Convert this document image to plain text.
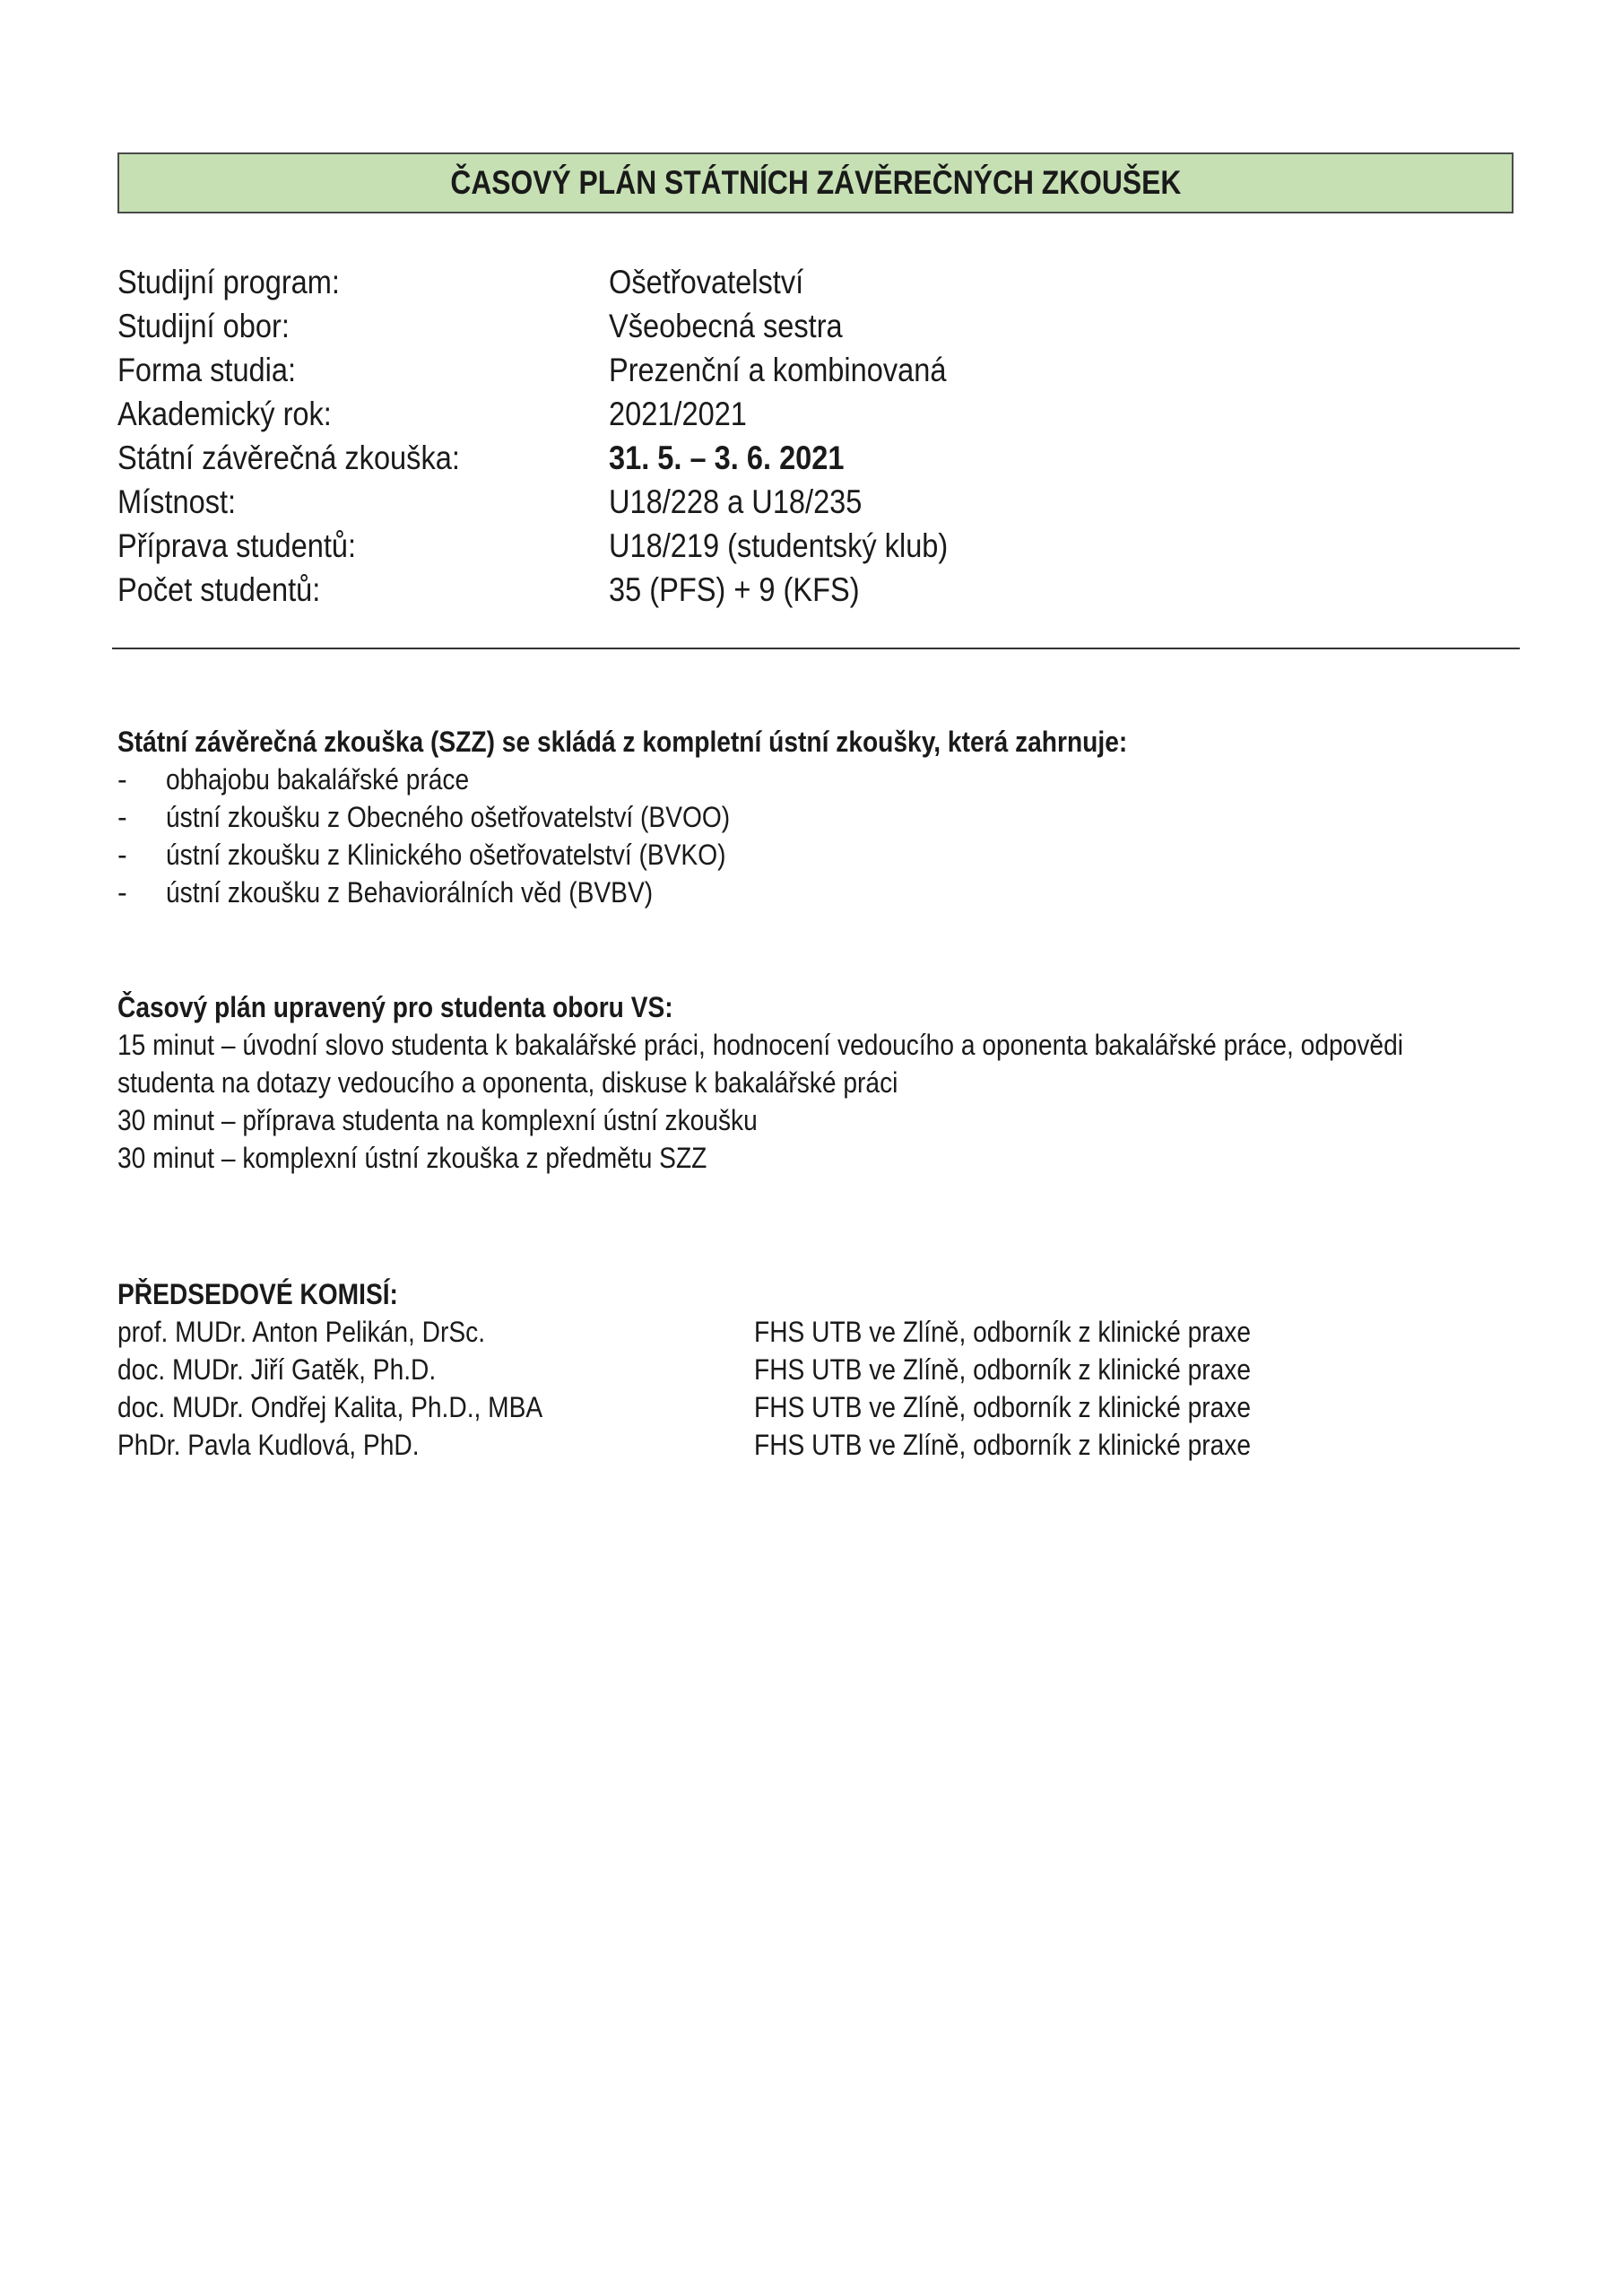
ČASOVÝ PLÁN STÁTNÍCH ZÁVĚREČNÝCH ZKOUŠEK
Studijní program:	Ošetřovatelství
Studijní obor:	Všeobecná sestra
Forma studia:	Prezenční a kombinovaná
Akademický rok:	2021/2021
Státní závěrečná zkouška:	31. 5. – 3. 6. 2021
Místnost:	U18/228 a U18/235
Příprava studentů:	U18/219 (studentský klub)
Počet studentů:	35 (PFS) + 9 (KFS)
Státní závěrečná zkouška (SZZ) se skládá z kompletní ústní zkoušky, která zahrnuje:
- obhajobu bakalářské práce
- ústní zkoušku z Obecného ošetřovatelství (BVOO)
- ústní zkoušku z Klinického ošetřovatelství (BVKO)
- ústní zkoušku z Behaviorálních věd (BVBV)
Časový plán upravený pro studenta oboru VS:
15 minut – úvodní slovo studenta k bakalářské práci, hodnocení vedoucího a oponenta bakalářské práce, odpovědi
studenta na dotazy vedoucího a oponenta, diskuse k bakalářské práci
30 minut – příprava studenta na komplexní ústní zkoušku
30 minut – komplexní ústní zkouška z předmětu SZZ
PŘEDSEDOVÉ KOMISÍ:
prof. MUDr. Anton Pelikán, DrSc.	FHS UTB ve Zlíně, odborník z klinické praxe
doc. MUDr. Jiří Gatěk, Ph.D.	FHS UTB ve Zlíně, odborník z klinické praxe
doc. MUDr. Ondřej Kalita, Ph.D., MBA	FHS UTB ve Zlíně, odborník z klinické praxe
PhDr. Pavla Kudlová, PhD.	FHS UTB ve Zlíně, odborník z klinické praxe
